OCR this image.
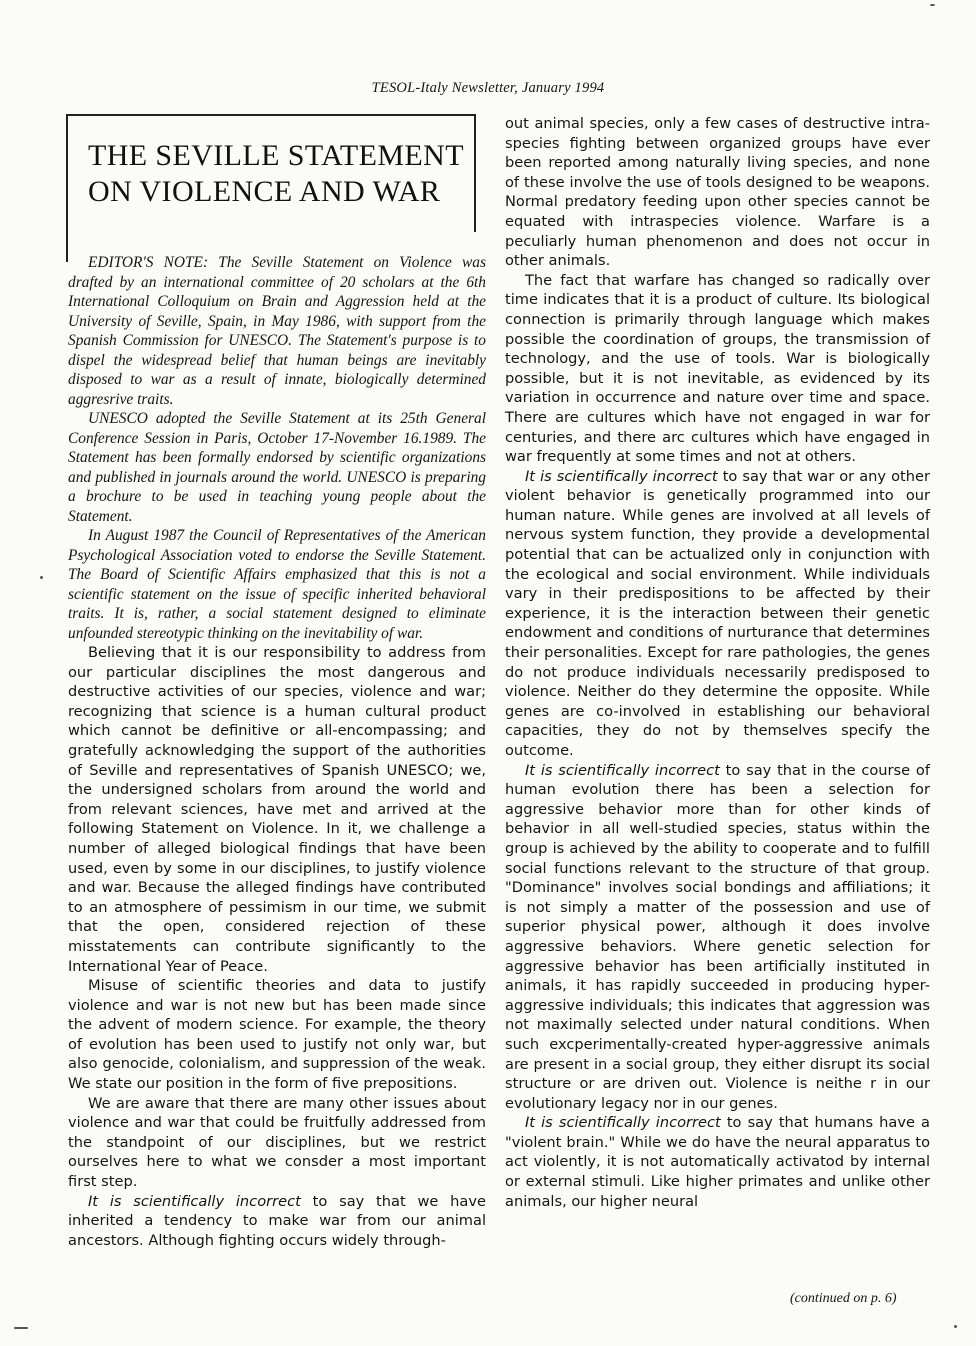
TESOL-Italy Newsletter, January 1994
THE SEVILLE STATEMENT
ON VIOLENCE AND WAR

EDITOR'S NOTE: The Seville Statement on Violence was drafted by an international committee of 20 scholars at the 6th International Colloquium on Brain and Aggression held at the University of Seville, Spain, in May 1986, with support from the Spanish Commission for UNESCO. The Statement's purpose is to dispel the widespread belief that human beings are inevitably disposed to war as a result of innate, biologically determined aggresrive traits.

UNESCO adopted the Seville Statement at its 25th General Conference Session in Paris, October 17-November 16.1989. The Statement has been formally endorsed by scientific organizations and published in journals around the world. UNESCO is preparing a brochure to be used in teaching young people about the Statement.

In August 1987 the Council of Representatives of the American Psychological Association voted to endorse the Seville Statement. The Board of Scientific Affairs emphasized that this is not a scientific statement on the issue of specific inherited behavioral traits. It is, rather, a social statement designed to eliminate unfounded stereotypic thinking on the inevitability of war.

Believing that it is our responsibility to address from our particular disciplines the most dangerous and destructive activities of our species, violence and war; recognizing that science is a human cultural product which cannot be definitive or all-encompassing; and gratefully acknowledging the support of the authorities of Seville and representatives of Spanish UNESCO; we, the undersigned scholars from around the world and from relevant sciences, have met and arrived at the following Statement on Violence. In it, we challenge a number of alleged biological findings that have been used, even by some in our disciplines, to justify violence and war. Because the alleged findings have contributed to an atmosphere of pessimism in our time, we submit that the open, considered rejection of these misstatements can contribute significantly to the International Year of Peace.

Misuse of scientific theories and data to justify violence and war is not new but has been made since the advent of modern science. For example, the theory of evolution has been used to justify not only war, but also genocide, colonialism, and suppression of the weak. We state our position in the form of five prepositions.

We are aware that there are many other issues about violence and war that could be fruitfully addressed from the standpoint of our disciplines, but we restrict ourselves here to what we consder a most important first step.

It is scientifically incorrect to say that we have inherited a tendency to make war from our animal ancestors. Although fighting occurs widely through-

out animal species, only a few cases of destructive intra-species fighting between organized groups have ever been reported among naturally living species, and none of these involve the use of tools designed to be weapons. Normal predatory feeding upon other species cannot be equated with intraspecies violence. Warfare is a peculiarly human phenomenon and does not occur in other animals.

The fact that warfare has changed so radically over time indicates that it is a product of culture. Its biological connection is primarily through language which makes possible the coordination of groups, the transmission of technology, and the use of tools. War is biologically possible, but it is not inevitable, as evidenced by its variation in occurrence and nature over time and space. There are cultures which have not engaged in war for centuries, and there arc cultures which have engaged in war frequently at some times and not at others.

It is scientifically incorrect to say that war or any other violent behavior is genetically programmed into our human nature. While genes are involved at all levels of nervous system function, they provide a developmental potential that can be actualized only in conjunction with the ecological and social environment. While individuals vary in their predispositions to be affected by their experience, it is the interaction between their genetic endowment and conditions of nurturance that determines their personalities. Except for rare pathologies, the genes do not produce individuals necessarily predisposed to violence. Neither do they determine the opposite. While genes are co-involved in establishing our behavioral capacities, they do not by themselves specify the outcome.

It is scientifically incorrect to say that in the course of human evolution there has been a selection for aggressive behavior more than for other kinds of behavior in all well-studied species, status within the group is achieved by the ability to cooperate and to fulfill social functions relevant to the structure of that group. "Dominance" involves social bondings and affiliations; it is not simply a matter of the possession and use of superior physical power, although it does involve aggressive behaviors. Where genetic selection for aggressive behavior has been artificially instituted in animals, it has rapidly succeeded in producing hyper-aggressive individuals; this indicates that aggression was not maximally selected under natural conditions. When such excperimentally-created hyper-aggressive animals are present in a social group, they either disrupt its social structure or are driven out. Violence is neithe r in our evolutionary legacy nor in our genes.

It is scientifically incorrect to say that humans have a "violent brain." While we do have the neural apparatus to act violently, it is not automatically activatod by internal or external stimuli. Like higher primates and unlike other animals, our higher neural

(continued on p. 6)
